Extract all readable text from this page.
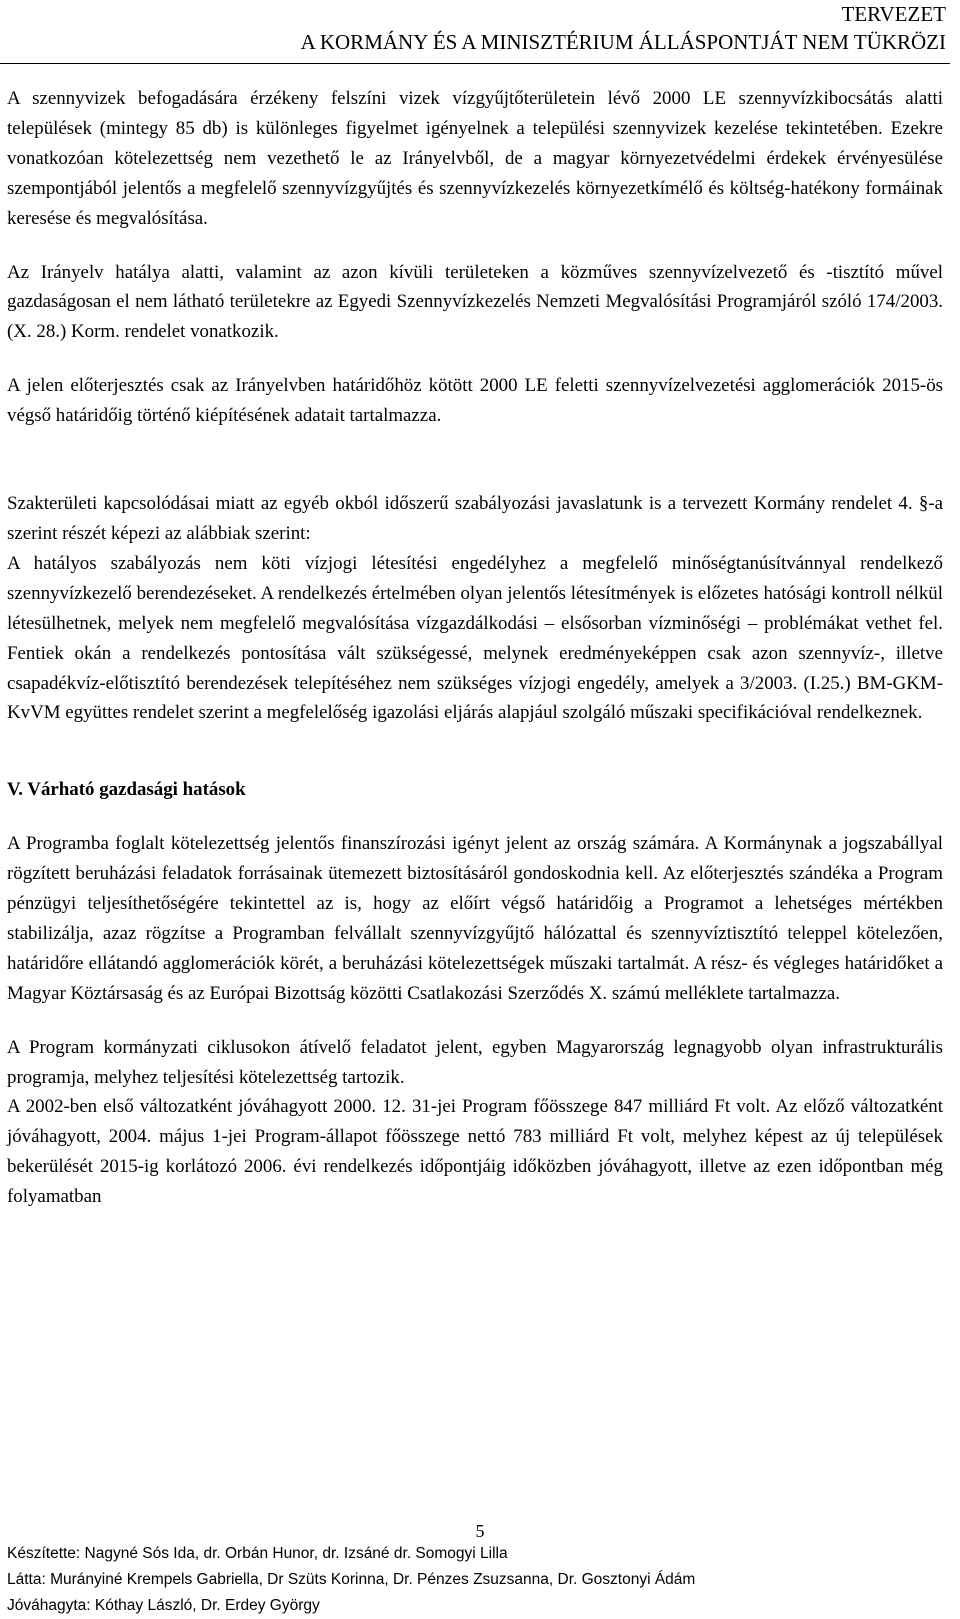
TERVEZET
A KORMÁNY ÉS A MINISZTÉRIUM ÁLLÁSPONTJÁT NEM TÜKRÖZI

A szennyvizek befogadására érzékeny felszíni vizek vízgyűjtőterületein lévő 2000 LE szennyvízkibocsátás alatti települések (mintegy 85 db) is különleges figyelmet igényelnek a települési szennyvizek kezelése tekintetében. Ezekre vonatkozóan kötelezettség nem vezethető le az Irányelvből, de a magyar környezetvédelmi érdekek érvényesülése szempontjából jelentős a megfelelő szennyvízgyűjtés és szennyvízkezelés környezetkímélő és költség-hatékony formáinak keresése és megvalósítása.

Az Irányelv hatálya alatti, valamint az azon kívüli területeken a közműves szennyvízelvezető és -tisztító művel gazdaságosan el nem látható területekre az Egyedi Szennyvízkezelés Nemzeti Megvalósítási Programjáról szóló 174/2003. (X. 28.) Korm. rendelet vonatkozik.

A jelen előterjesztés csak az Irányelvben határidőhöz kötött 2000 LE feletti szennyvízelvezetési agglomerációk 2015-ös végső határidőig történő kiépítésének adatait tartalmazza.

Szakterületi kapcsolódásai miatt az egyéb okból időszerű szabályozási javaslatunk is a tervezett Kormány rendelet 4. §-a szerint részét képezi az alábbiak szerint:

A hatályos szabályozás nem köti vízjogi létesítési engedélyhez a megfelelő minőségtanúsítvánnyal rendelkező szennyvízkezelő berendezéseket. A rendelkezés értelmében olyan jelentős létesítmények is előzetes hatósági kontroll nélkül létesülhetnek, melyek nem megfelelő megvalósítása vízgazdálkodási – elsősorban vízminőségi – problémákat vethet fel. Fentiek okán a rendelkezés pontosítása vált szükségessé, melynek eredményeképpen csak azon szennyvíz-, illetve csapadékvíz-előtisztító berendezések telepítéséhez nem szükséges vízjogi engedély, amelyek a 3/2003. (I.25.) BM-GKM-KvVM együttes rendelet szerint a megfelelőség igazolási eljárás alapjául szolgáló műszaki specifikációval rendelkeznek.

V. Várható gazdasági hatások

A Programba foglalt kötelezettség jelentős finanszírozási igényt jelent az ország számára. A Kormánynak a jogszabállyal rögzített beruházási feladatok forrásainak ütemezett biztosításáról gondoskodnia kell. Az előterjesztés szándéka a Program pénzügyi teljesíthetőségére tekintettel az is, hogy az előírt végső határidőig a Programot a lehetséges mértékben stabilizálja, azaz rögzítse a Programban felvállalt szennyvízgyűjtő hálózattal és szennyvíztisztító teleppel kötelezően, határidőre ellátandó agglomerációk körét, a beruházási kötelezettségek műszaki tartalmát. A rész- és végleges határidőket a Magyar Köztársaság és az Európai Bizottság közötti Csatlakozási Szerződés X. számú melléklete tartalmazza.

A Program kormányzati ciklusokon átívelő feladatot jelent, egyben Magyarország legnagyobb olyan infrastrukturális programja, melyhez teljesítési kötelezettség tartozik.

A 2002-ben első változatként jóváhagyott 2000. 12. 31-jei Program főösszege 847 milliárd Ft volt. Az előző változatként jóváhagyott, 2004. május 1-jei Program-állapot főösszege nettó 783 milliárd Ft volt, melyhez képest az új települések bekerülését 2015-ig korlátozó 2006. évi rendelkezés időpontjáig időközben jóváhagyott, illetve az ezen időpontban még folyamatban

5
Készítette: Nagyné Sós Ida, dr. Orbán Hunor, dr. Izsáné dr. Somogyi Lilla
Látta: Murányiné Krempels Gabriella, Dr Szüts Korinna, Dr. Pénzes Zsuzsanna, Dr. Gosztonyi Ádám
Jóváhagyta: Kóthay László, Dr. Erdey György
